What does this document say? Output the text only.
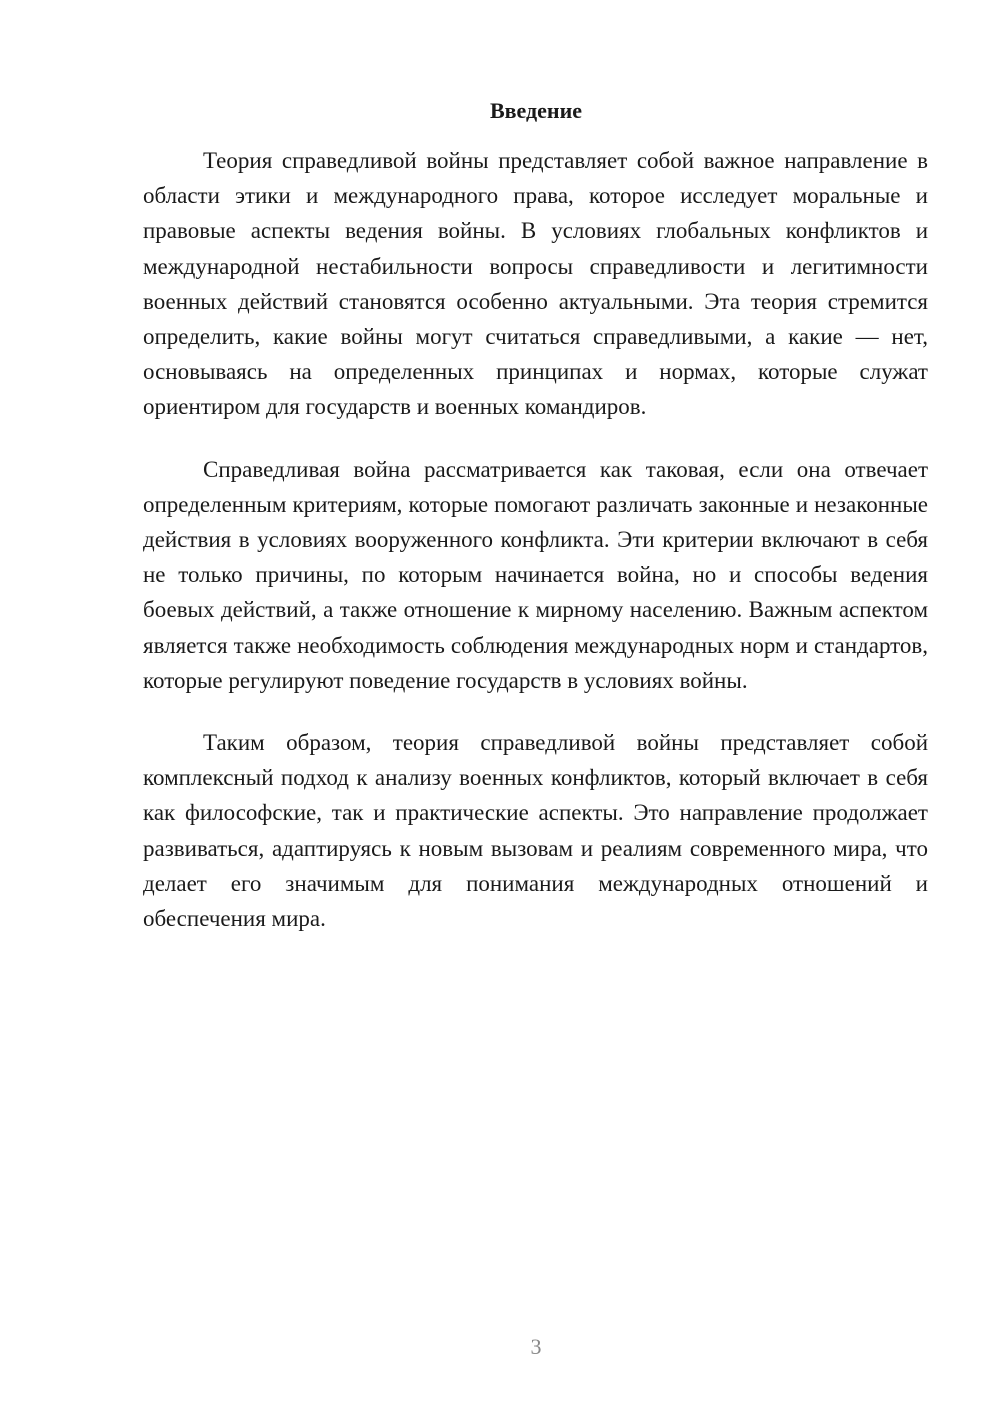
Введение

Теория справедливой войны представляет собой важное направление в области этики и международного права, которое исследует моральные и правовые аспекты ведения войны. В условиях глобальных конфликтов и международной нестабильности вопросы справедливости и легитимности военных действий становятся особенно актуальными. Эта теория стремится определить, какие войны могут считаться справедливыми, а какие — нет, основываясь на определенных принципах и нормах, которые служат ориентиром для государств и военных командиров.

Справедливая война рассматривается как таковая, если она отвечает определенным критериям, которые помогают различать законные и незаконные действия в условиях вооруженного конфликта. Эти критерии включают в себя не только причины, по которым начинается война, но и способы ведения боевых действий, а также отношение к мирному населению. Важным аспектом является также необходимость соблюдения международных норм и стандартов, которые регулируют поведение государств в условиях войны.

Таким образом, теория справедливой войны представляет собой комплексный подход к анализу военных конфликтов, который включает в себя как философские, так и практические аспекты. Это направление продолжает развиваться, адаптируясь к новым вызовам и реалиям современного мира, что делает его значимым для понимания международных отношений и обеспечения мира.

3
